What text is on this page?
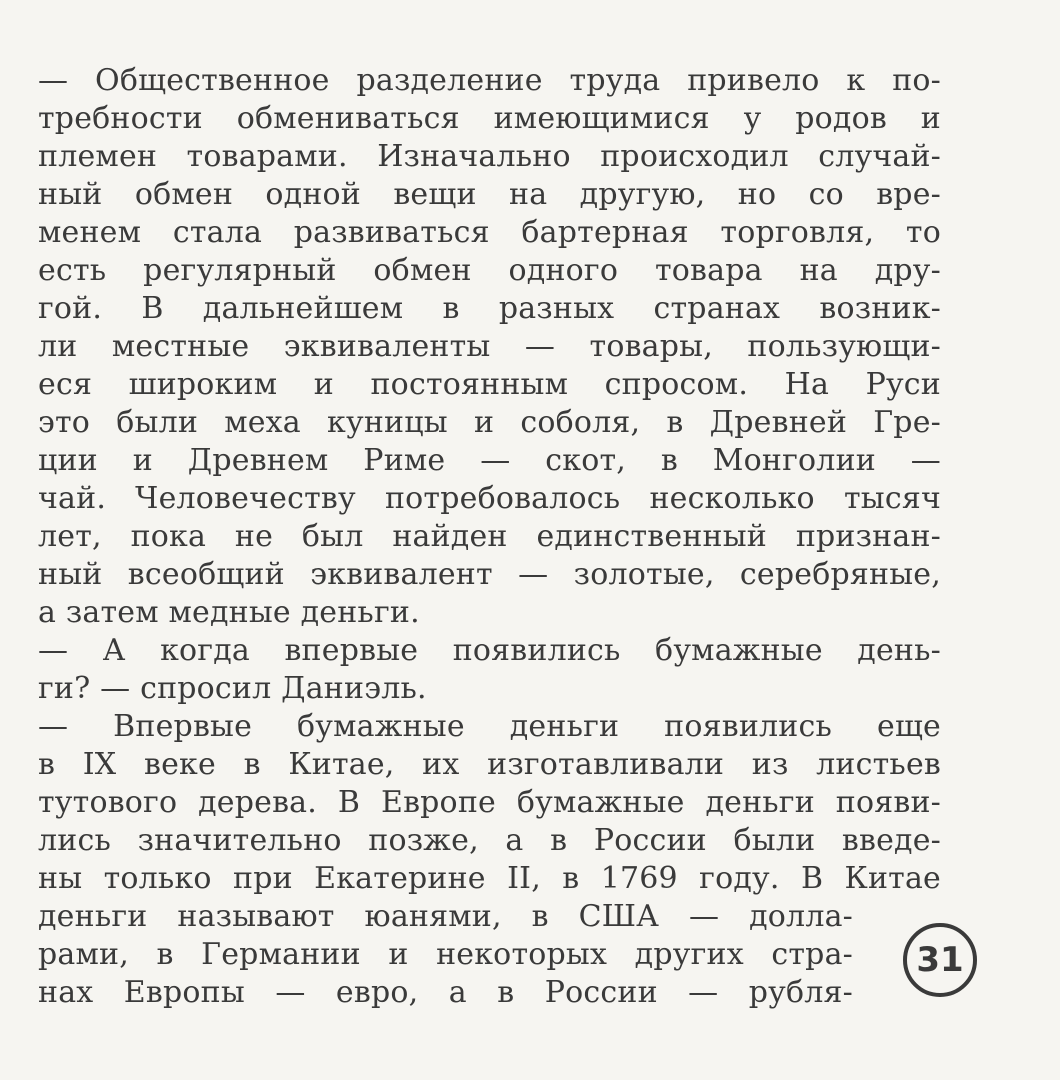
— Общественное разделение труда привело к по-
требности обмениваться имеющимися у родов и
племен товарами. Изначально происходил случай-
ный обмен одной вещи на другую, но со вре-
менем стала развиваться бартерная торговля, то
есть регулярный обмен одного товара на дру-
гой. В дальнейшем в разных странах возник-
ли местные эквиваленты — товары, пользующи-
еся широким и постоянным спросом. На Руси
это были меха куницы и соболя, в Древней Гре-
ции и Древнем Риме — скот, в Монголии —
чай. Человечеству потребовалось несколько тысяч
лет, пока не был найден единственный признан-
ный всеобщий эквивалент — золотые, серебряные,
а затем медные деньги.
— А когда впервые появились бумажные день-
ги? — спросил Даниэль.
— Впервые бумажные деньги появились еще
в IX веке в Китае, их изготавливали из листьев
тутового дерева. В Европе бумажные деньги появи-
лись значительно позже, а в России были введе-
ны только при Екатерине II, в 1769 году. В Китае
деньги называют юанями, в США — долла-
рами, в Германии и некоторых других стра-
нах Европы — евро, а в России — рубля-
31
